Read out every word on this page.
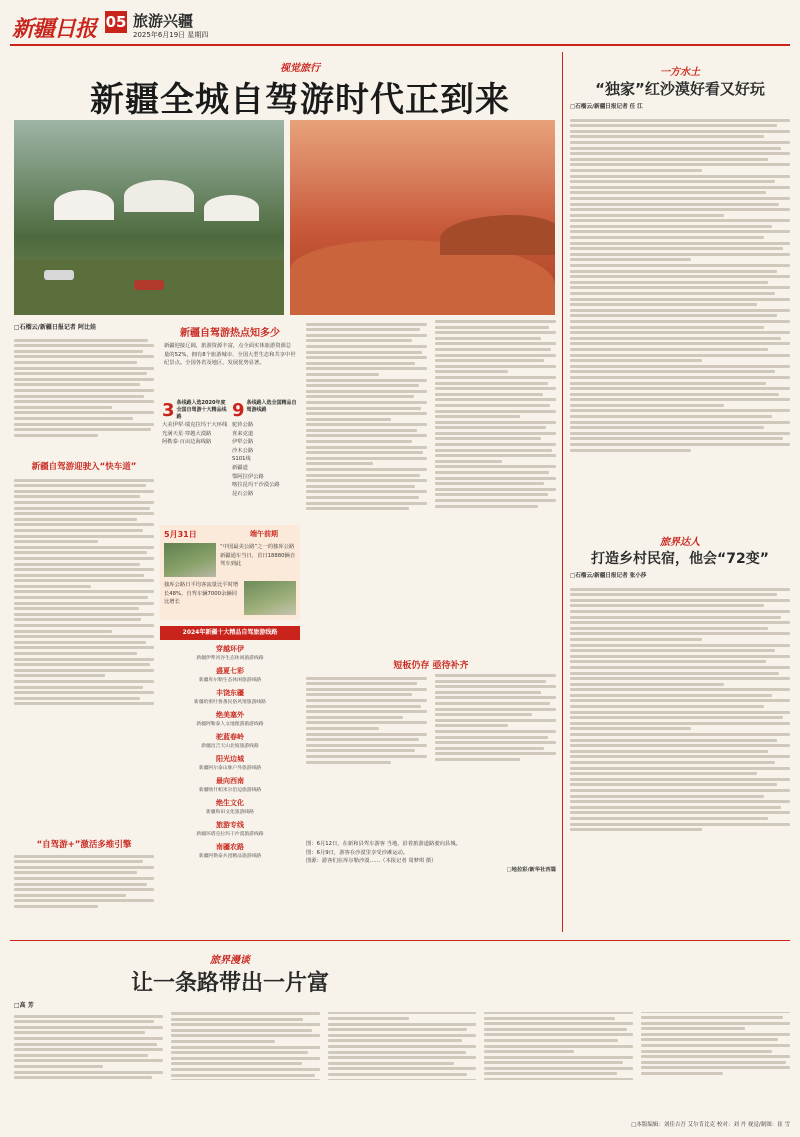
新疆日报 05 旅游兴疆
2025年6月19日 星期四
视觉旅行
新疆全城自驾游时代正到来
□石榴云/新疆日报记者 阿比娃
新疆自驾游迎驶入“快车道”
“自驾游+”激活多维引擎
新疆自驾游热点知多少
新疆迎接辽阔，旅游资源丰富，点全面实体旅游资源总量的52%，拥有8个旅游城市、全国大型生态和共享中世纪景点。全国各省及地区，发展优势显著。
3 条线路入选2020年度全国自驾游十大精品线路
大美伊犁·瑞克拉玛干大环线
光满天星·穿越大漠路
阿勒泰·百亩边海线路
9 条线路入选全国精品自驾游线路
驼铃公路
喜来克道
伊犁公路
沙木公路
S101线
新疆道
鄂阿拉伊公路
喀拉昆玛干沙漠公路
昆石公路
5月31日	端午前期
“中国最美公路”之一的独库公路新疆通车当日，首日18880辆自驾车到此
独库公路日平均客流量比平时增长48%，自驾车辆7000余辆同比增长
2024年新疆十大精品自驾旅游线路
穿越环伊
新疆伊犁河谷生态休闲旅游线路
盛夏七彩
新疆库尔勒生态休闲旅游线路
丰饶东疆
新疆哈密吐鲁番民俗风情旅游线路
绝美塞外
新疆阿勒泰人文地理游旅游线路
驼蓝春岭
新疆昌吉天山北坡旅游线路
阳光边城
新疆阿尔泰山脉户外旅游线路
最向西南
新疆喀什帕米尔沿边旅游线路
绝生文化
新疆和田文化旅游线路
旅游专线
新疆环塔克拉玛干沙漠旅游线路
南疆农路
新疆阿勒泰兵团精品旅游线路
短板仍存 亟待补齐
图：6月12日，在新和县驾车游客 当地，沿着旅游道路驶向县城。
图：6月9日，游客在沙漠里享受沙滩运动。
图源：游客们在库尔勒沙漠……（本报记者 周梦琪 摄）
□地拉彩/新华社西篇
一方水土
“独家”红沙漠好看又好玩
□石榴云/新疆日报记者 任 江
旅界达人
打造乡村民宿，他会“72变”
□石榴云/新疆日报记者 张小莎
旅界漫谈
让一条路带出一片富
□高 芳
□本版编辑：刘佳吉吾 艾尔肯比克 校对：刘 丹 视觉/制图：崔 雪
